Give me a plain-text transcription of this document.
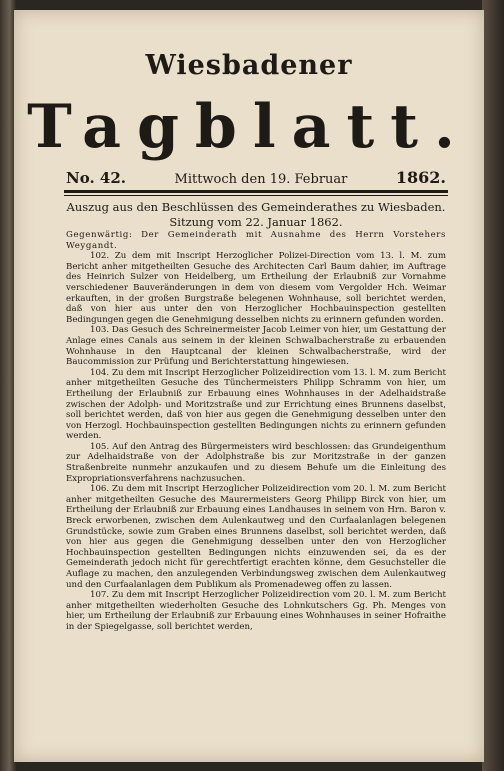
Wiesbadener
Tagblatt.
No. 42.	Mittwoch den 19. Februar	1862.
Auszug aus den Beschlüssen des Gemeinderathes zu Wiesbaden.
Sitzung vom 22. Januar 1862.

Gegenwärtig: Der Gemeinderath mit Ausnahme des Herrn Vorstehers Weygandt.

102. Zu dem mit Inscript Herzoglicher Polizei-Direction vom 13. l. M. zum Bericht anher mitgetheilten Gesuche des Architecten Carl Baum dahier, im Auftrage des Heinrich Sulzer von Heidelberg, um Ertheilung der Erlaubniß zur Vornahme verschiedener Bauveränderungen in dem von diesem vom Vergolder Hch. Weimar erkauften, in der großen Burgstraße belegenen Wohnhause, soll berichtet werden, daß von hier aus unter den von Herzoglicher Hochbauinspection gestellten Bedingungen gegen die Genehmigung desselben nichts zu erinnern gefunden worden.

103. Das Gesuch des Schreinermeister Jacob Leimer von hier, um Gestattung der Anlage eines Canals aus seinem in der kleinen Schwalbacherstraße zu erbauenden Wohnhause in den Hauptcanal der kleinen Schwalbacherstraße, wird der Baucommission zur Prüfung und Berichterstattung hingewiesen.

104. Zu dem mit Inscript Herzoglicher Polizeidirection vom 13. l. M. zum Bericht anher mitgetheilten Gesuche des Tünchermeisters Philipp Schramm von hier, um Ertheilung der Erlaubniß zur Erbauung eines Wohnhauses in der Adelhaidstraße zwischen der Adolph- und Moritzstraße und zur Errichtung eines Brunnens daselbst, soll berichtet werden, daß von hier aus gegen die Genehmigung desselben unter den von Herzogl. Hochbauinspection gestellten Bedingungen nichts zu erinnern gefunden werden.

105. Auf den Antrag des Bürgermeisters wird beschlossen: das Grundeigenthum zur Adelhaidstraße von der Adolphstraße bis zur Moritzstraße in der ganzen Straßenbreite nunmehr anzukaufen und zu diesem Behufe um die Einleitung des Expropriationsverfahrens nachzusuchen.

106. Zu dem mit Inscript Herzoglicher Polizeidirection vom 20. l. M. zum Bericht anher mitgetheilten Gesuche des Maurermeisters Georg Philipp Birck von hier, um Ertheilung der Erlaubniß zur Erbauung eines Landhauses in seinem von Hrn. Baron v. Breck erworbenen, zwischen dem Aulenkautweg und den Curfaalanlagen belegenen Grundstücke, sowie zum Graben eines Brunnens daselbst, soll berichtet werden, daß von hier aus gegen die Genehmigung desselben unter den von Herzoglicher Hochbauinspection gestellten Bedingungen nichts einzuwenden sei, da es der Gemeinderath jedoch nicht für gerechtfertigt erachten könne, dem Gesuchsteller die Auflage zu machen, den anzulegenden Verbindungsweg zwischen dem Aulenkautweg und den Curfaalanlagen dem Publikum als Promenadeweg offen zu lassen.

107. Zu dem mit Inscript Herzoglicher Polizeidirection vom 20. l. M. zum Bericht anher mitgetheilten wiederholten Gesuche des Lohnkutschers Gg. Ph. Menges von hier, um Ertheilung der Erlaubniß zur Erbauung eines Wohnhauses in seiner Hofraithe in der Spiegelgasse, soll berichtet werden,
